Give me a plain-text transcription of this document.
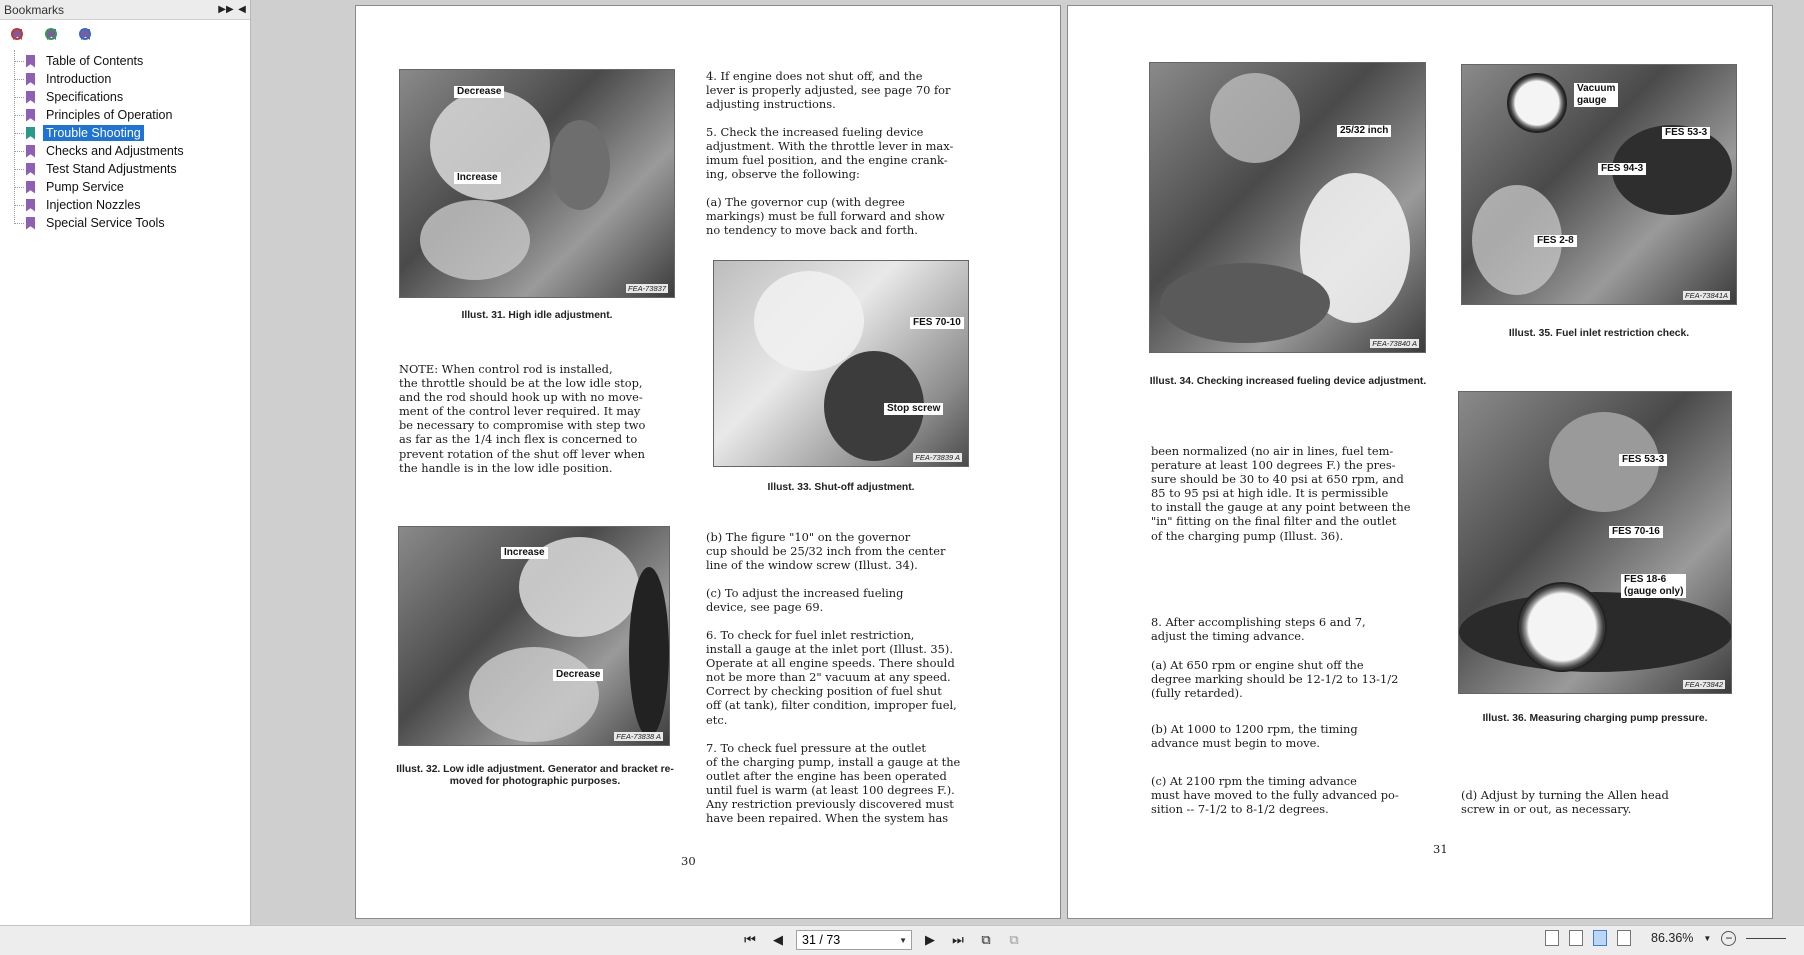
Bookmarks	▶▶ ◀
Table of Contents
Introduction
Specifications
Principles of Operation
Trouble Shooting
Checks and Adjustments
Test Stand Adjustments
Pump Service
Injection Nozzles
Special Service Tools
Decrease
Increase
FEA-73837
Illust. 31. High idle adjustment.
NOTE: When control rod is installed,
the throttle should be at the low idle stop,
and the rod should hook up with no move-
ment of the control lever required. It may
be necessary to compromise with step two
as far as the 1/4 inch flex is concerned to
prevent rotation of the shut off lever when
the handle is in the low idle position.
Increase
Decrease
FEA-73838 A
Illust. 32. Low idle adjustment. Generator and bracket re-
moved for photographic purposes.
4. If engine does not shut off, and the
lever is properly adjusted, see page 70 for
adjusting instructions.
5. Check the increased fueling device
adjustment. With the throttle lever in max-
imum fuel position, and the engine crank-
ing, observe the following:
(a) The governor cup (with degree
markings) must be full forward and show
no tendency to move back and forth.
FES 70-10
Stop screw
FEA-73839 A
Illust. 33. Shut-off adjustment.
(b) The figure "10" on the governor
cup should be 25/32 inch from the center
line of the window screw (Illust. 34).
(c) To adjust the increased fueling
device, see page 69.
6. To check for fuel inlet restriction,
install a gauge at the inlet port (Illust. 35).
Operate at all engine speeds. There should
not be more than 2" vacuum at any speed.
Correct by checking position of fuel shut
off (at tank), filter condition, improper fuel,
etc.
7. To check fuel pressure at the outlet
of the charging pump, install a gauge at the
outlet after the engine has been operated
until fuel is warm (at least 100 degrees F.).
Any restriction previously discovered must
have been repaired. When the system has
30
25/32 inch
FEA-73840 A
Illust. 34. Checking increased fueling device adjustment.
Vacuum
gauge
FES 53-3
FES 94-3
FES 2-8
FEA-73841A
Illust. 35. Fuel inlet restriction check.
FES 53-3
FES 70-16
FES 18-6
(gauge only)
FEA-73842
Illust. 36. Measuring charging pump pressure.
been normalized (no air in lines, fuel tem-
perature at least 100 degrees F.) the pres-
sure should be 30 to 40 psi at 650 rpm, and
85 to 95 psi at high idle. It is permissible
to install the gauge at any point between the
"in" fitting on the final filter and the outlet
of the charging pump (Illust. 36).
8. After accomplishing steps 6 and 7,
adjust the timing advance.
(a) At 650 rpm or engine shut off the
degree marking should be 12-1/2 to 13-1/2
(fully retarded).
(b) At 1000 to 1200 rpm, the timing
advance must begin to move.
(c) At 2100 rpm the timing advance
must have moved to the fully advanced po-
sition -- 7-1/2 to 8-1/2 degrees.
(d) Adjust by turning the Allen head
screw in or out, as necessary.
31
⏮	◀	31 / 73	▼	▶	⏭	⧉	⧉	86.36% ▼	−
